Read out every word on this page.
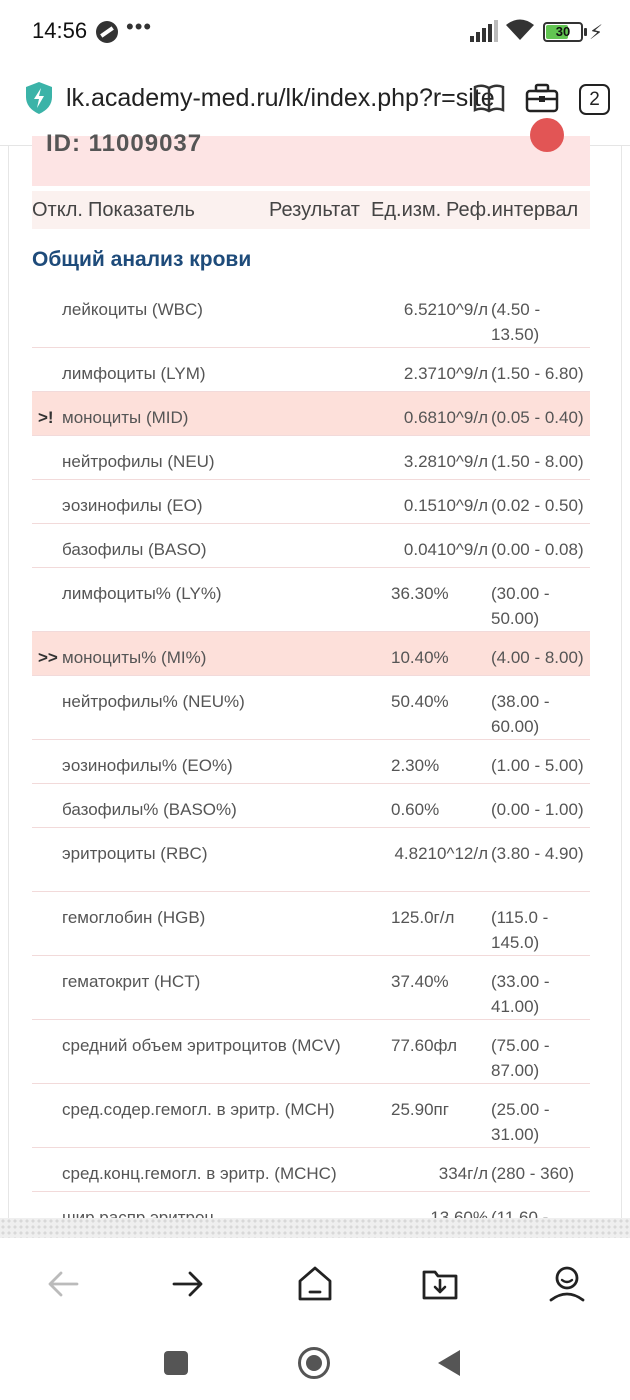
14:56 •••	30 ⚡
lk.academy-med.ru/lk/index.php?r=site	2
ID: 11009037
Откл. Показатель	Результат Ед.изм. Реф.интервал
Общий анализ крови
лейкоциты (WBC)	6.5210^9/л (4.50 - 13.50)
лимфоциты (LYM)	2.3710^9/л (1.50 - 6.80)
>! моноциты (MID)	0.6810^9/л (0.05 - 0.40)
нейтрофилы (NEU)	3.2810^9/л (1.50 - 8.00)
эозинофилы (EO)	0.1510^9/л (0.02 - 0.50)
базофилы (BASO)	0.0410^9/л (0.00 - 0.08)
лимфоциты% (LY%)	36.30%	(30.00 - 50.00)
>> моноциты% (MI%)	10.40%	(4.00 - 8.00)
нейтрофилы% (NEU%)	50.40%	(38.00 - 60.00)
эозинофилы% (EO%)	2.30%	(1.00 - 5.00)
базофилы% (BASO%)	0.60%	(0.00 - 1.00)
эритроциты (RBC)	4.8210^12/л (3.80 - 4.90)
гемоглобин (HGB)	125.0г/л	(115.0 - 145.0)
гематокрит (HCT)	37.40%	(33.00 - 41.00)
средний объем эритроцитов (MCV)	77.60фл	(75.00 - 87.00)
сред.содер.гемогл. в эритр. (MCH)	25.90пг	(25.00 - 31.00)
сред.конц.гемогл. в эритр. (MCHC)	334г/л (280 - 360)
